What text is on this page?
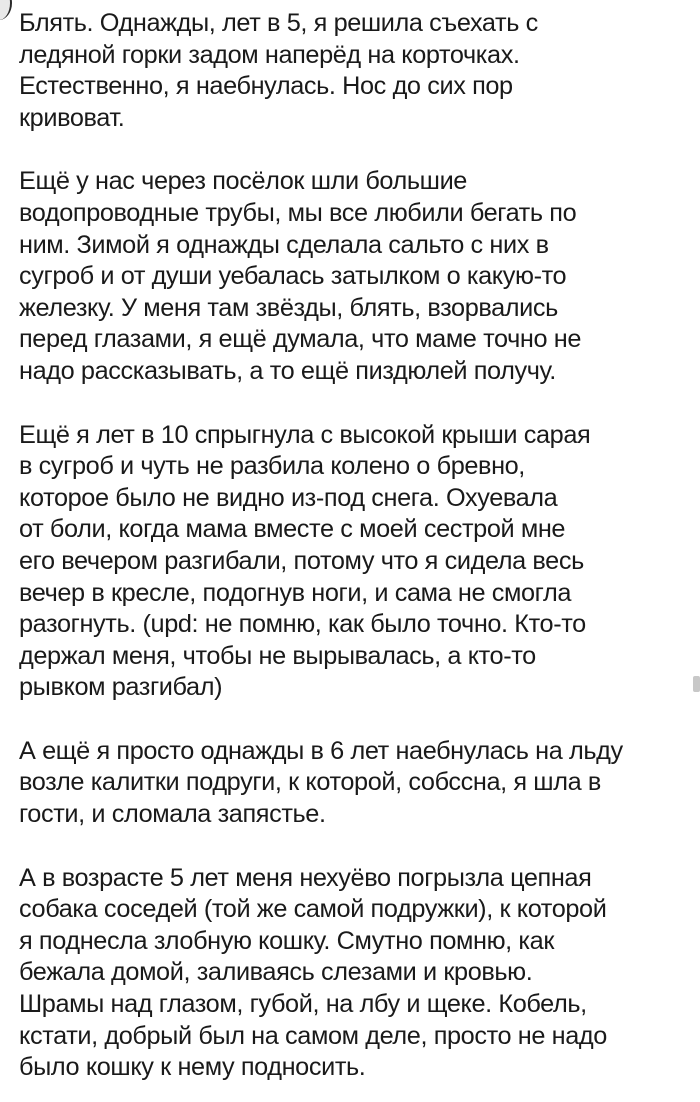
Блять. Однажды, лет в 5, я решила съехать с
ледяной горки задом наперёд на корточках.
Естественно, я наебнулась. Нос до сих пор
кривоват.

Ещё у нас через посёлок шли большие
водопроводные трубы, мы все любили бегать по
ним. Зимой я однажды сделала сальто с них в
сугроб и от души уебалась затылком о какую-то
железку. У меня там звёзды, блять, взорвались
перед глазами, я ещё думала, что маме точно не
надо рассказывать, а то ещё пиздюлей получу.

Ещё я лет в 10 спрыгнула с высокой крыши сарая
в сугроб и чуть не разбила колено о бревно,
которое было не видно из-под снега. Охуевала
от боли, когда мама вместе с моей сестрой мне
его вечером разгибали, потому что я сидела весь
вечер в кресле, подогнув ноги, и сама не смогла
разогнуть. (upd: не помню, как было точно. Кто-то
держал меня, чтобы не вырывалась, а кто-то
рывком разгибал)

А ещё я просто однажды в 6 лет наебнулась на льду
возле калитки подруги, к которой, собссна, я шла в
гости, и сломала запястье.

А в возрасте 5 лет меня нехуёво погрызла цепная
собака соседей (той же самой подружки), к которой
я поднесла злобную кошку. Смутно помню, как
бежала домой, заливаясь слезами и кровью.
Шрамы над глазом, губой, на лбу и щеке. Кобель,
кстати, добрый был на самом деле, просто не надо
было кошку к нему подносить.
